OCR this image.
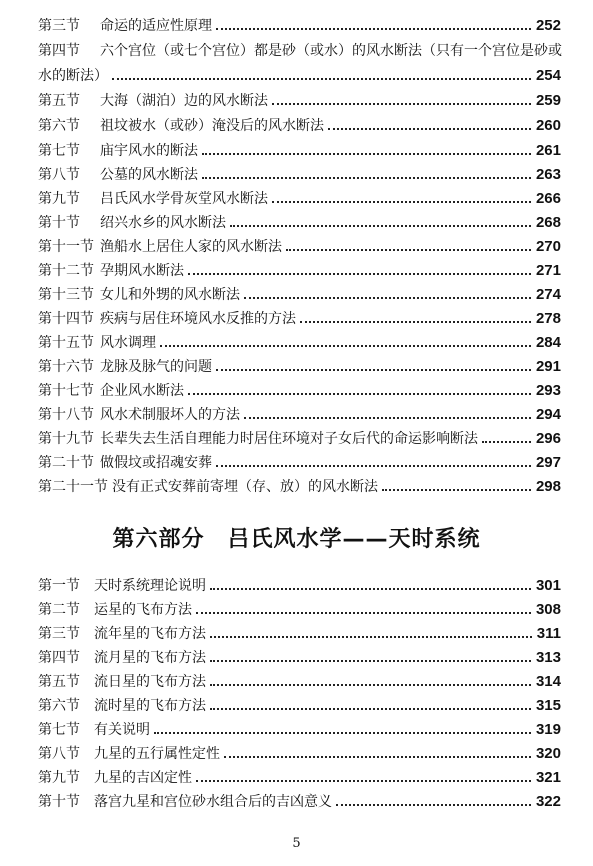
第三节	命运的适应性原理	252
第四节	六个宫位（或七个宫位）都是砂（或水）的风水断法（只有一个宫位是砂或
水的断法）	254
第五节	大海（湖泊）边的风水断法	259
第六节	祖坟被水（或砂）淹没后的风水断法	260
第七节	庙宇风水的断法	261
第八节	公墓的风水断法	263
第九节	吕氏风水学骨灰堂风水断法	266
第十节	绍兴水乡的风水断法	268
第十一节 渔船水上居住人家的风水断法	270
第十二节 孕期风水断法	271
第十三节 女儿和外甥的风水断法	274
第十四节 疾病与居住环境风水反推的方法	278
第十五节 风水调理	284
第十六节 龙脉及脉气的问题	291
第十七节 企业风水断法	293
第十八节 风水术制服坏人的方法	294
第十九节 长辈失去生活自理能力时居住环境对子女后代的命运影响断法	296
第二十节 做假坟或招魂安葬	297
第二十一节 没有正式安葬前寄埋（存、放）的风水断法	298
第六部分　吕氏风水学——天时系统
第一节	天时系统理论说明	301
第二节	运星的飞布方法	308
第三节	流年星的飞布方法	311
第四节	流月星的飞布方法	313
第五节	流日星的飞布方法	314
第六节	流时星的飞布方法	315
第七节	有关说明	319
第八节	九星的五行属性定性	320
第九节	九星的吉凶定性	321
第十节	落宫九星和宫位砂水组合后的吉凶意义	322
5
